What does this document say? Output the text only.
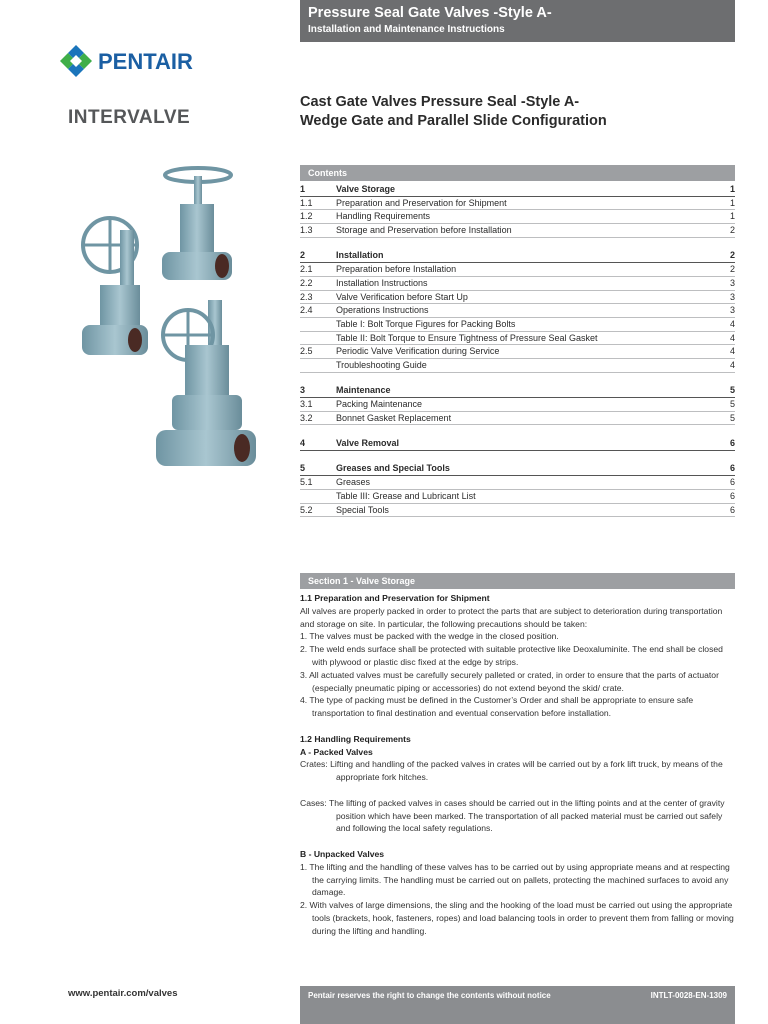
Pressure Seal Gate Valves -Style A-
Installation and Maintenance Instructions
PENTAIR
INTERVALVE
Cast Gate Valves Pressure Seal -Style A-
Wedge Gate and Parallel Slide Configuration
Contents
1	Valve Storage	1
1.1	Preparation and Preservation for Shipment	1
1.2	Handling Requirements	1
1.3	Storage and Preservation before Installation	2
2	Installation	2
2.1	Preparation before Installation	2
2.2	Installation Instructions	3
2.3	Valve Verification before Start Up	3
2.4	Operations Instructions	3
Table I: Bolt Torque Figures for Packing Bolts	4
Table II: Bolt Torque to Ensure Tightness of Pressure Seal Gasket	4
2.5	Periodic Valve Verification during Service	4
Troubleshooting Guide	4
3	Maintenance	5
3.1	Packing Maintenance	5
3.2	Bonnet Gasket Replacement	5
4	Valve Removal	6
5	Greases and Special Tools	6
5.1	Greases	6
Table III: Grease and Lubricant List	6
5.2	Special Tools	6
Section 1 - Valve Storage
1.1 Preparation and Preservation for Shipment
All valves are properly packed in order to protect the parts that are subject to deterioration during transportation and storage on site. In particular, the following precautions should be taken:
1. The valves must be packed with the wedge in the closed position.
2. The weld ends surface shall be protected with suitable protective like Deoxaluminite. The end shall be closed with plywood or plastic disc fixed at the edge by strips.
3. All actuated valves must be carefully securely palleted or crated, in order to ensure that the parts of actuator (especially pneumatic piping or accessories) do not extend beyond the skid/ crate.
4. The type of packing must be defined in the Customer’s Order and shall be appropriate to ensure safe transportation to final destination and eventual conservation before installation.
1.2 Handling Requirements
A - Packed Valves
Crates: Lifting and handling of the packed valves in crates will be carried out by a fork lift truck, by means of the appropriate fork hitches.
Cases: The lifting of packed valves in cases should be carried out in the lifting points and at the center of gravity position which have been marked. The transportation of all packed material must be carried out safely and following the local safety regulations.
B - Unpacked Valves
1. The lifting and the handling of these valves has to be carried out by using appropriate means and at respecting the carrying limits. The handling must be carried out on pallets, protecting the machined surfaces to avoid any damage.
2. With valves of large dimensions, the sling and the hooking of the load must be carried out using the appropriate tools (brackets, hook, fasteners, ropes) and load balancing tools in order to prevent them from falling or moving during the lifting and handling.
www.pentair.com/valves	Pentair reserves the right to change the contents without notice	INTLT-0028-EN-1309
